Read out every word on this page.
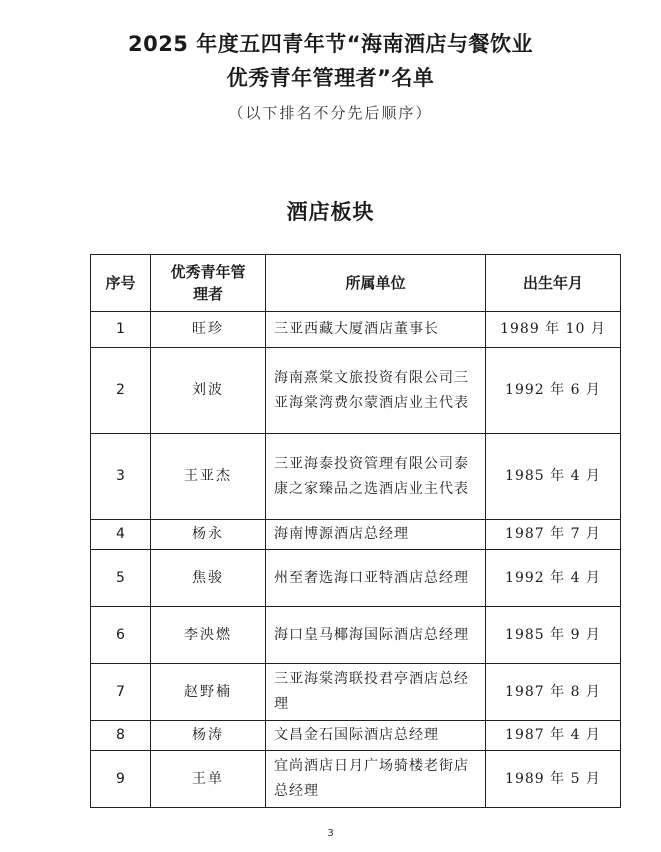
2025 年度五四青年节“海南酒店与餐饮业
优秀青年管理者”名单
（以下排名不分先后顺序）
酒店板块
序号	优秀青年管理者	所属单位	出生年月
1	旺珍	三亚西藏大厦酒店董事长	1989 年 10 月
2	刘波	海南熹棠文旅投资有限公司三亚海棠湾费尔蒙酒店业主代表	1992 年 6 月
3	王亚杰	三亚海泰投资管理有限公司泰康之家臻品之选酒店业主代表	1985 年 4 月
4	杨永	海南博源酒店总经理	1987 年 7 月
5	焦骏	州至奢选海口亚特酒店总经理	1992 年 4 月
6	李泱燃	海口皇马椰海国际酒店总经理	1985 年 9 月
7	赵野楠	三亚海棠湾联投君亭酒店总经理	1987 年 8 月
8	杨涛	文昌金石国际酒店总经理	1987 年 4 月
9	王单	宜尚酒店日月广场骑楼老街店总经理	1989 年 5 月
3
